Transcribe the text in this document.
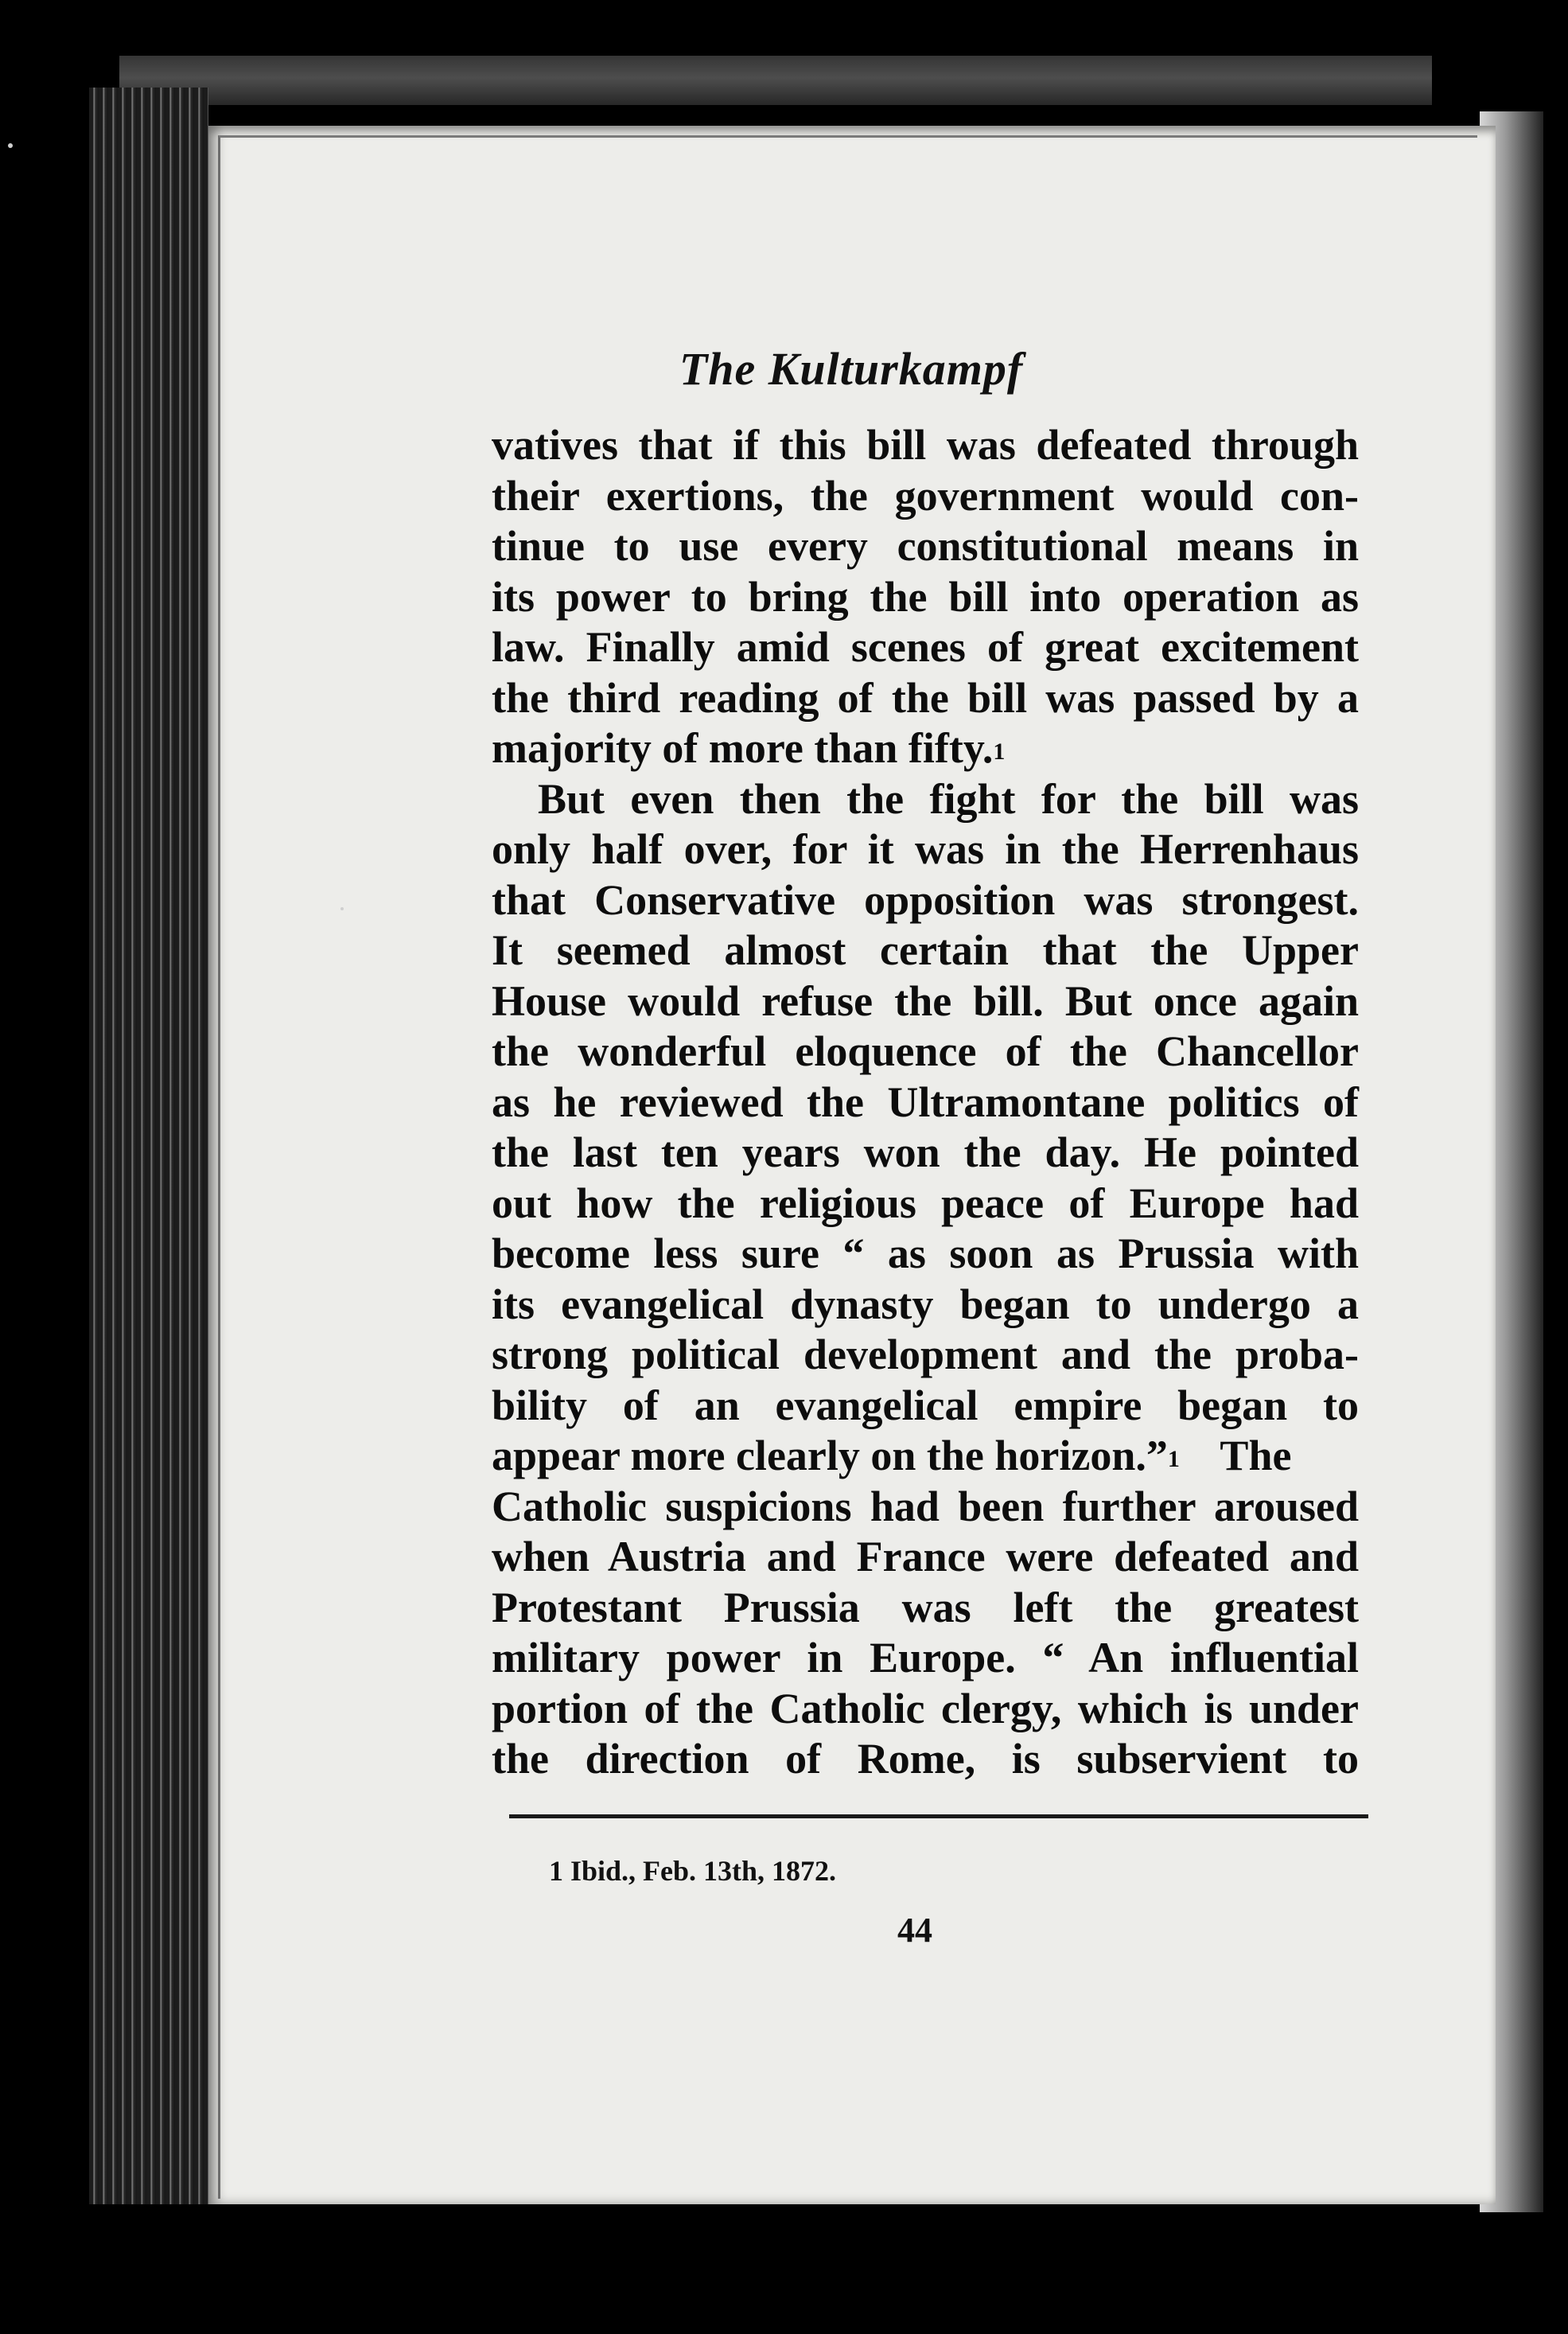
The Kulturkampf
vatives that if this bill was defeated through
their exertions, the government would con-
tinue to use every constitutional means in
its power to bring the bill into operation as
law. Finally amid scenes of great excitement
the third reading of the bill was passed by a
majority of more than fifty.$^1$
But even then the fight for the bill was
only half over, for it was in the Herrenhaus
that Conservative opposition was strongest.
It seemed almost certain that the Upper
House would refuse the bill. But once again
the wonderful eloquence of the Chancellor
as he reviewed the Ultramontane politics of
the last ten years won the day. He pointed
out how the religious peace of Europe had
become less sure “ as soon as Prussia with
its evangelical dynasty began to undergo a
strong political development and the proba-
bility of an evangelical empire began to
appear more clearly on the horizon.”$^1$ The
Catholic suspicions had been further aroused
when Austria and France were defeated and
Protestant Prussia was left the greatest
military power in Europe. “ An influential
portion of the Catholic clergy, which is under
the direction of Rome, is subservient to
1 Ibid., Feb. 13th, 1872.
44
